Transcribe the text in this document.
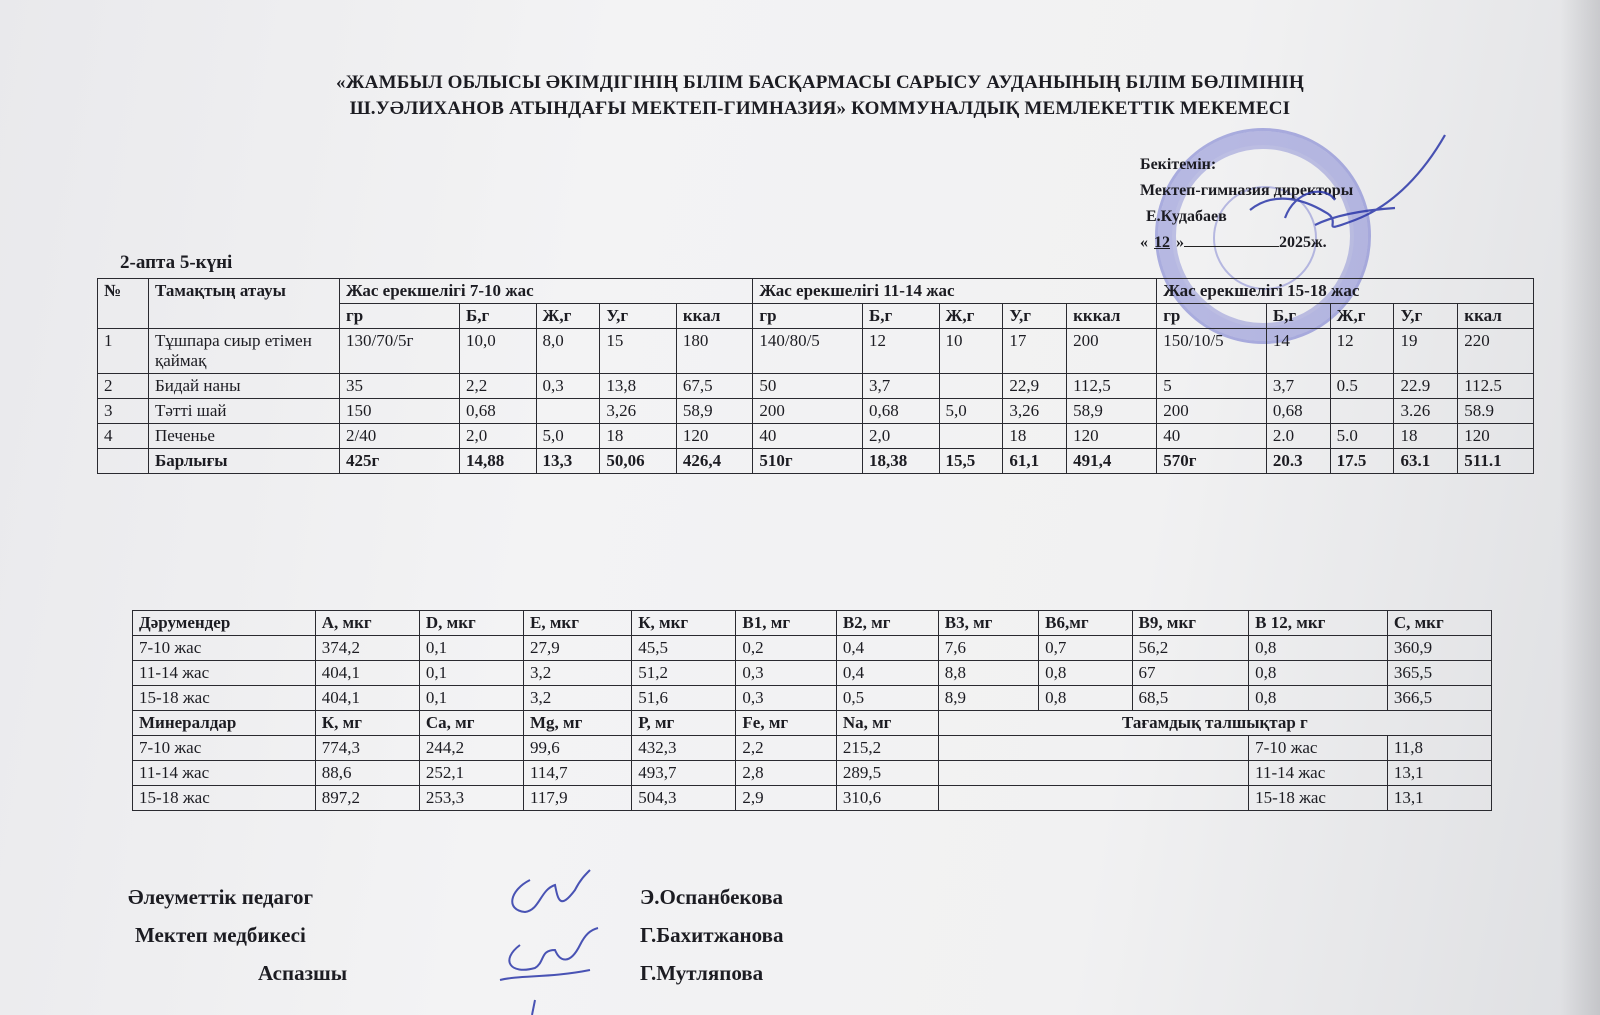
«ЖАМБЫЛ ОБЛЫСЫ ӘКІМДІГІНІҢ БІЛІМ БАСҚАРМАСЫ САРЫСУ АУДАНЫНЫҢ БІЛІМ БӨЛІМІНІҢ
Ш.УӘЛИХАНОВ АТЫНДАҒЫ МЕКТЕП-ГИМНАЗИЯ» КОММУНАЛДЫҚ МЕМЛЕКЕТТІК МЕКЕМЕСІ
Бекітемін:
Мектеп-гимназия директоры
Е.Кудабаев
« 12 »	2025ж.
2-апта 5-күні
№	Тамақтың атауы	Жас ерекшелігі 7-10 жас					Жас ерекшелігі 11-14 жас					Жас ерекшелігі 15-18 жас				
		гр	Б,г	Ж,г	У,г	ккал	гр	Б,г	Ж,г	У,г	кккал	гр	Б,г	Ж,г	У,г	ккал
1	Тұшпара сиыр етімен қаймақ	130/70/5г	10,0	8,0	15	180	140/80/5	12	10	17	200	150/10/5	14	12	19	220
2	Бидай наны	35	2,2	0,3	13,8	67,5	50	3,7		22,9	112,5	5	3,7	0.5	22.9	112.5
3	Тәтті шай	150	0,68		3,26	58,9	200	0,68	5,0	3,26	58,9	200	0,68		3.26	58.9
4	Печенье	2/40	2,0	5,0	18	120	40	2,0		18	120	40	2.0	5.0	18	120
	Барлығы	425г	14,88	13,3	50,06	426,4	510г	18,38	15,5	61,1	491,4	570г	20.3	17.5	63.1	511.1
Дәрумендер	А, мкг	D, мкг	Е, мкг	К, мкг	В1, мг	В2, мг	В3, мг	В6,мг	В9, мкг	В 12, мкг	С, мкг
7-10 жас	374,2	0,1	27,9	45,5	0,2	0,4	7,6	0,7	56,2	0,8	360,9
11-14 жас	404,1	0,1	3,2	51,2	0,3	0,4	8,8	0,8	67	0,8	365,5
15-18 жас	404,1	0,1	3,2	51,6	0,3	0,5	8,9	0,8	68,5	0,8	366,5
Минералдар	К, мг	Са, мг	Mg, мг	Р, мг	Fe, мг	Na, мг	Тағамдық талшықтар г				
7-10 жас	774,3	244,2	99,6	432,3	2,2	215,2				7-10 жас	11,8
11-14 жас	88,6	252,1	114,7	493,7	2,8	289,5				11-14 жас	13,1
15-18 жас	897,2	253,3	117,9	504,3	2,9	310,6				15-18 жас	13,1
Әлеуметтік педагог
Мектеп медбикесі
Аспазшы
Э.Оспанбекова
Г.Бахитжанова
Г.Мутляпова
